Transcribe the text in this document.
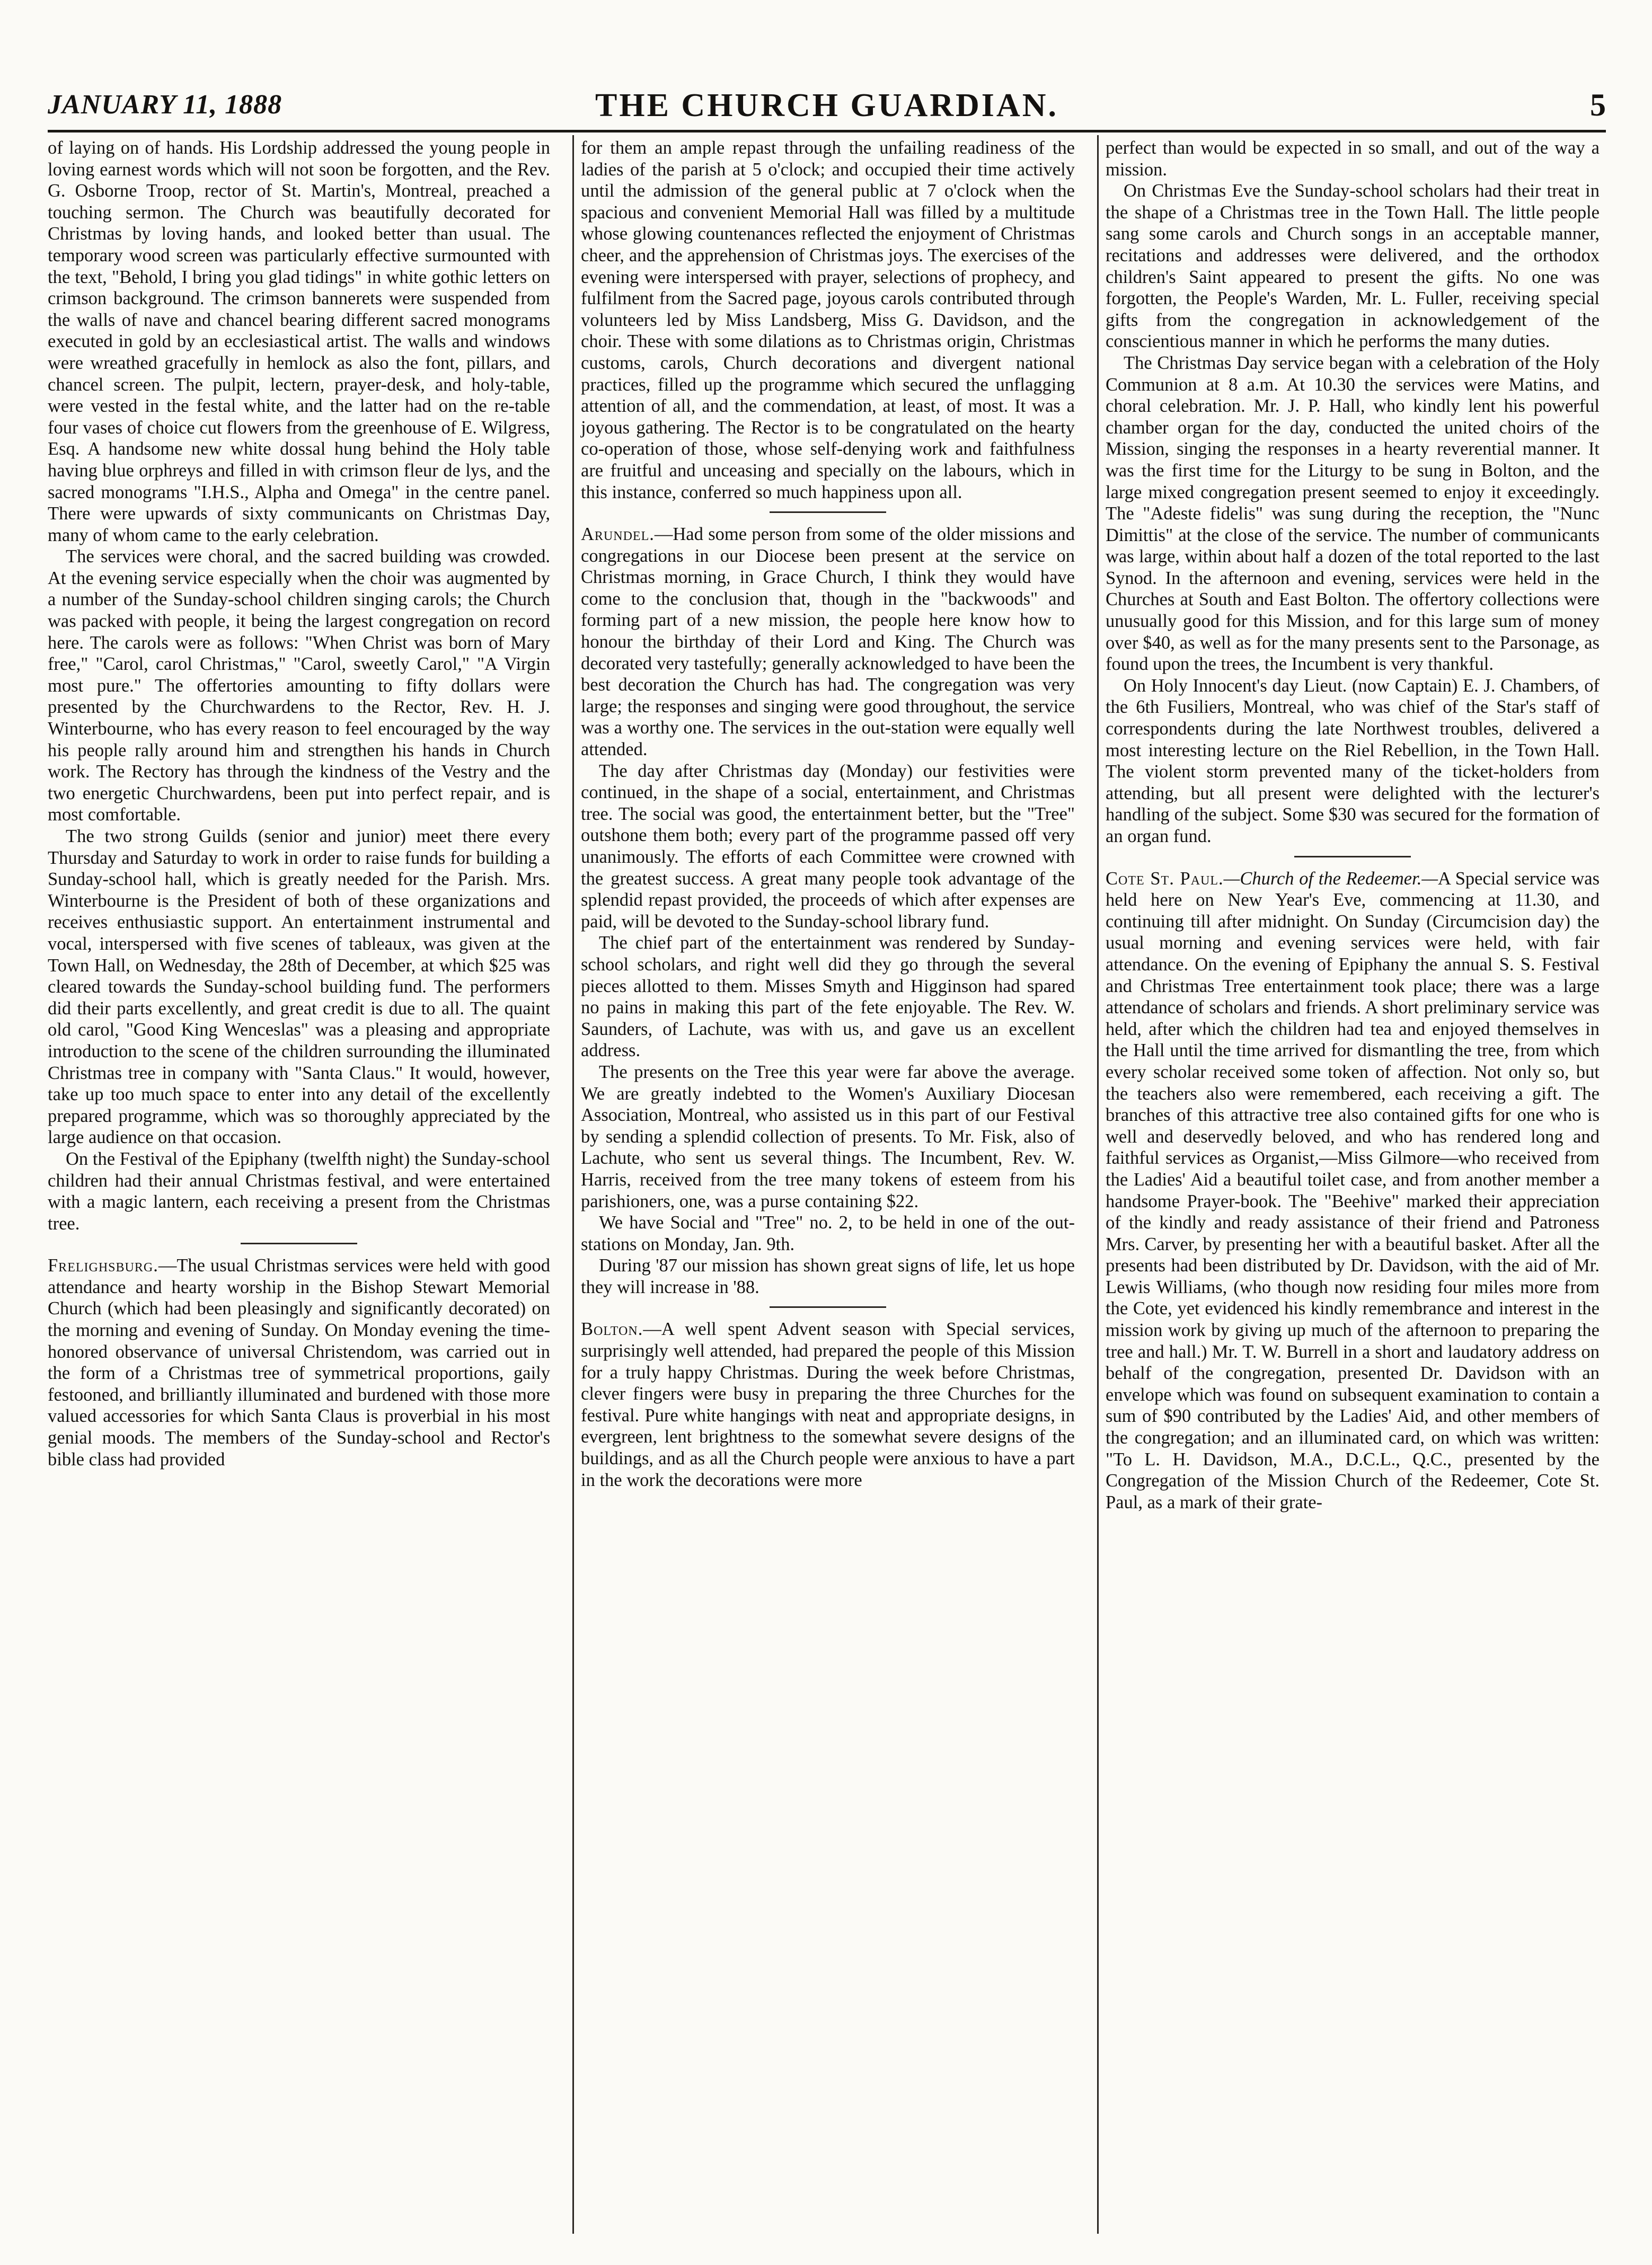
JANUARY 11, 1888	THE CHURCH GUARDIAN.	5

of laying on of hands. His Lordship addressed the young people in loving earnest words which will not soon be forgotten, and the Rev. G. Osborne Troop, rector of St. Martin's, Montreal, preached a touching sermon. The Church was beautifully decorated for Christmas by loving hands, and looked better than usual. The temporary wood screen was particularly effective surmounted with the text, "Behold, I bring you glad tidings" in white gothic letters on crimson background. The crimson bannerets were suspended from the walls of nave and chancel bearing different sacred monograms executed in gold by an ecclesiastical artist. The walls and windows were wreathed gracefully in hemlock as also the font, pillars, and chancel screen. The pulpit, lectern, prayer-desk, and holy-table, were vested in the festal white, and the latter had on the re-table four vases of choice cut flowers from the greenhouse of E. Wilgress, Esq. A handsome new white dossal hung behind the Holy table having blue orphreys and filled in with crimson fleur de lys, and the sacred monograms "I.H.S., Alpha and Omega" in the centre panel. There were upwards of sixty communicants on Christmas Day, many of whom came to the early celebration.

The services were choral, and the sacred building was crowded. At the evening service especially when the choir was augmented by a number of the Sunday-school children singing carols; the Church was packed with people, it being the largest congregation on record here. The carols were as follows: "When Christ was born of Mary free," "Carol, carol Christmas," "Carol, sweetly Carol," "A Virgin most pure." The offertories amounting to fifty dollars were presented by the Churchwardens to the Rector, Rev. H. J. Winterbourne, who has every reason to feel encouraged by the way his people rally around him and strengthen his hands in Church work. The Rectory has through the kindness of the Vestry and the two energetic Churchwardens, been put into perfect repair, and is most comfortable.

The two strong Guilds (senior and junior) meet there every Thursday and Saturday to work in order to raise funds for building a Sunday-school hall, which is greatly needed for the Parish. Mrs. Winterbourne is the President of both of these organizations and receives enthusiastic support. An entertainment instrumental and vocal, interspersed with five scenes of tableaux, was given at the Town Hall, on Wednesday, the 28th of December, at which $25 was cleared towards the Sunday-school building fund. The performers did their parts excellently, and great credit is due to all. The quaint old carol, "Good King Wenceslas" was a pleasing and appropriate introduction to the scene of the children surrounding the illuminated Christmas tree in company with "Santa Claus." It would, however, take up too much space to enter into any detail of the excellently prepared programme, which was so thoroughly appreciated by the large audience on that occasion.

On the Festival of the Epiphany (twelfth night) the Sunday-school children had their annual Christmas festival, and were entertained with a magic lantern, each receiving a present from the Christmas tree.

Frelighsburg.—The usual Christmas services were held with good attendance and hearty worship in the Bishop Stewart Memorial Church (which had been pleasingly and significantly decorated) on the morning and evening of Sunday. On Monday evening the time-honored observance of universal Christendom, was carried out in the form of a Christmas tree of symmetrical proportions, gaily festooned, and brilliantly illuminated and burdened with those more valued accessories for which Santa Claus is proverbial in his most genial moods. The members of the Sunday-school and Rector's bible class had provided

for them an ample repast through the unfailing readiness of the ladies of the parish at 5 o'clock; and occupied their time actively until the admission of the general public at 7 o'clock when the spacious and convenient Memorial Hall was filled by a multitude whose glowing countenances reflected the enjoyment of Christmas cheer, and the apprehension of Christmas joys. The exercises of the evening were interspersed with prayer, selections of prophecy, and fulfilment from the Sacred page, joyous carols contributed through volunteers led by Miss Landsberg, Miss G. Davidson, and the choir. These with some dilations as to Christmas origin, Christmas customs, carols, Church decorations and divergent national practices, filled up the programme which secured the unflagging attention of all, and the commendation, at least, of most. It was a joyous gathering. The Rector is to be congratulated on the hearty co-operation of those, whose self-denying work and faithfulness are fruitful and unceasing and specially on the labours, which in this instance, conferred so much happiness upon all.

Arundel.—Had some person from some of the older missions and congregations in our Diocese been present at the service on Christmas morning, in Grace Church, I think they would have come to the conclusion that, though in the "backwoods" and forming part of a new mission, the people here know how to honour the birthday of their Lord and King. The Church was decorated very tastefully; generally acknowledged to have been the best decoration the Church has had. The congregation was very large; the responses and singing were good throughout, the service was a worthy one. The services in the out-station were equally well attended.

The day after Christmas day (Monday) our festivities were continued, in the shape of a social, entertainment, and Christmas tree. The social was good, the entertainment better, but the "Tree" outshone them both; every part of the programme passed off very unanimously. The efforts of each Committee were crowned with the greatest success. A great many people took advantage of the splendid repast provided, the proceeds of which after expenses are paid, will be devoted to the Sunday-school library fund.

The chief part of the entertainment was rendered by Sunday-school scholars, and right well did they go through the several pieces allotted to them. Misses Smyth and Higginson had spared no pains in making this part of the fete enjoyable. The Rev. W. Saunders, of Lachute, was with us, and gave us an excellent address.

The presents on the Tree this year were far above the average. We are greatly indebted to the Women's Auxiliary Diocesan Association, Montreal, who assisted us in this part of our Festival by sending a splendid collection of presents. To Mr. Fisk, also of Lachute, who sent us several things. The Incumbent, Rev. W. Harris, received from the tree many tokens of esteem from his parishioners, one, was a purse containing $22.

We have Social and "Tree" no. 2, to be held in one of the out-stations on Monday, Jan. 9th.

During '87 our mission has shown great signs of life, let us hope they will increase in '88.

Bolton.—A well spent Advent season with Special services, surprisingly well attended, had prepared the people of this Mission for a truly happy Christmas. During the week before Christmas, clever fingers were busy in preparing the three Churches for the festival. Pure white hangings with neat and appropriate designs, in evergreen, lent brightness to the somewhat severe designs of the buildings, and as all the Church people were anxious to have a part in the work the decorations were more

perfect than would be expected in so small, and out of the way a mission.

On Christmas Eve the Sunday-school scholars had their treat in the shape of a Christmas tree in the Town Hall. The little people sang some carols and Church songs in an acceptable manner, recitations and addresses were delivered, and the orthodox children's Saint appeared to present the gifts. No one was forgotten, the People's Warden, Mr. L. Fuller, receiving special gifts from the congregation in acknowledgement of the conscientious manner in which he performs the many duties.

The Christmas Day service began with a celebration of the Holy Communion at 8 a.m. At 10.30 the services were Matins, and choral celebration. Mr. J. P. Hall, who kindly lent his powerful chamber organ for the day, conducted the united choirs of the Mission, singing the responses in a hearty reverential manner. It was the first time for the Liturgy to be sung in Bolton, and the large mixed congregation present seemed to enjoy it exceedingly. The "Adeste fidelis" was sung during the reception, the "Nunc Dimittis" at the close of the service. The number of communicants was large, within about half a dozen of the total reported to the last Synod. In the afternoon and evening, services were held in the Churches at South and East Bolton. The offertory collections were unusually good for this Mission, and for this large sum of money over $40, as well as for the many presents sent to the Parsonage, as found upon the trees, the Incumbent is very thankful.

On Holy Innocent's day Lieut. (now Captain) E. J. Chambers, of the 6th Fusiliers, Montreal, who was chief of the Star's staff of correspondents during the late Northwest troubles, delivered a most interesting lecture on the Riel Rebellion, in the Town Hall. The violent storm prevented many of the ticket-holders from attending, but all present were delighted with the lecturer's handling of the subject. Some $30 was secured for the formation of an organ fund.

Cote St. Paul.—Church of the Redeemer.—A Special service was held here on New Year's Eve, commencing at 11.30, and continuing till after midnight. On Sunday (Circumcision day) the usual morning and evening services were held, with fair attendance. On the evening of Epiphany the annual S. S. Festival and Christmas Tree entertainment took place; there was a large attendance of scholars and friends. A short preliminary service was held, after which the children had tea and enjoyed themselves in the Hall until the time arrived for dismantling the tree, from which every scholar received some token of affection. Not only so, but the teachers also were remembered, each receiving a gift. The branches of this attractive tree also contained gifts for one who is well and deservedly beloved, and who has rendered long and faithful services as Organist,—Miss Gilmore—who received from the Ladies' Aid a beautiful toilet case, and from another member a handsome Prayer-book. The "Beehive" marked their appreciation of the kindly and ready assistance of their friend and Patroness Mrs. Carver, by presenting her with a beautiful basket. After all the presents had been distributed by Dr. Davidson, with the aid of Mr. Lewis Williams, (who though now residing four miles more from the Cote, yet evidenced his kindly remembrance and interest in the mission work by giving up much of the afternoon to preparing the tree and hall.) Mr. T. W. Burrell in a short and laudatory address on behalf of the congregation, presented Dr. Davidson with an envelope which was found on subsequent examination to contain a sum of $90 contributed by the Ladies' Aid, and other members of the congregation; and an illuminated card, on which was written: "To L. H. Davidson, M.A., D.C.L., Q.C., presented by the Congregation of the Mission Church of the Redeemer, Cote St. Paul, as a mark of their grate-
